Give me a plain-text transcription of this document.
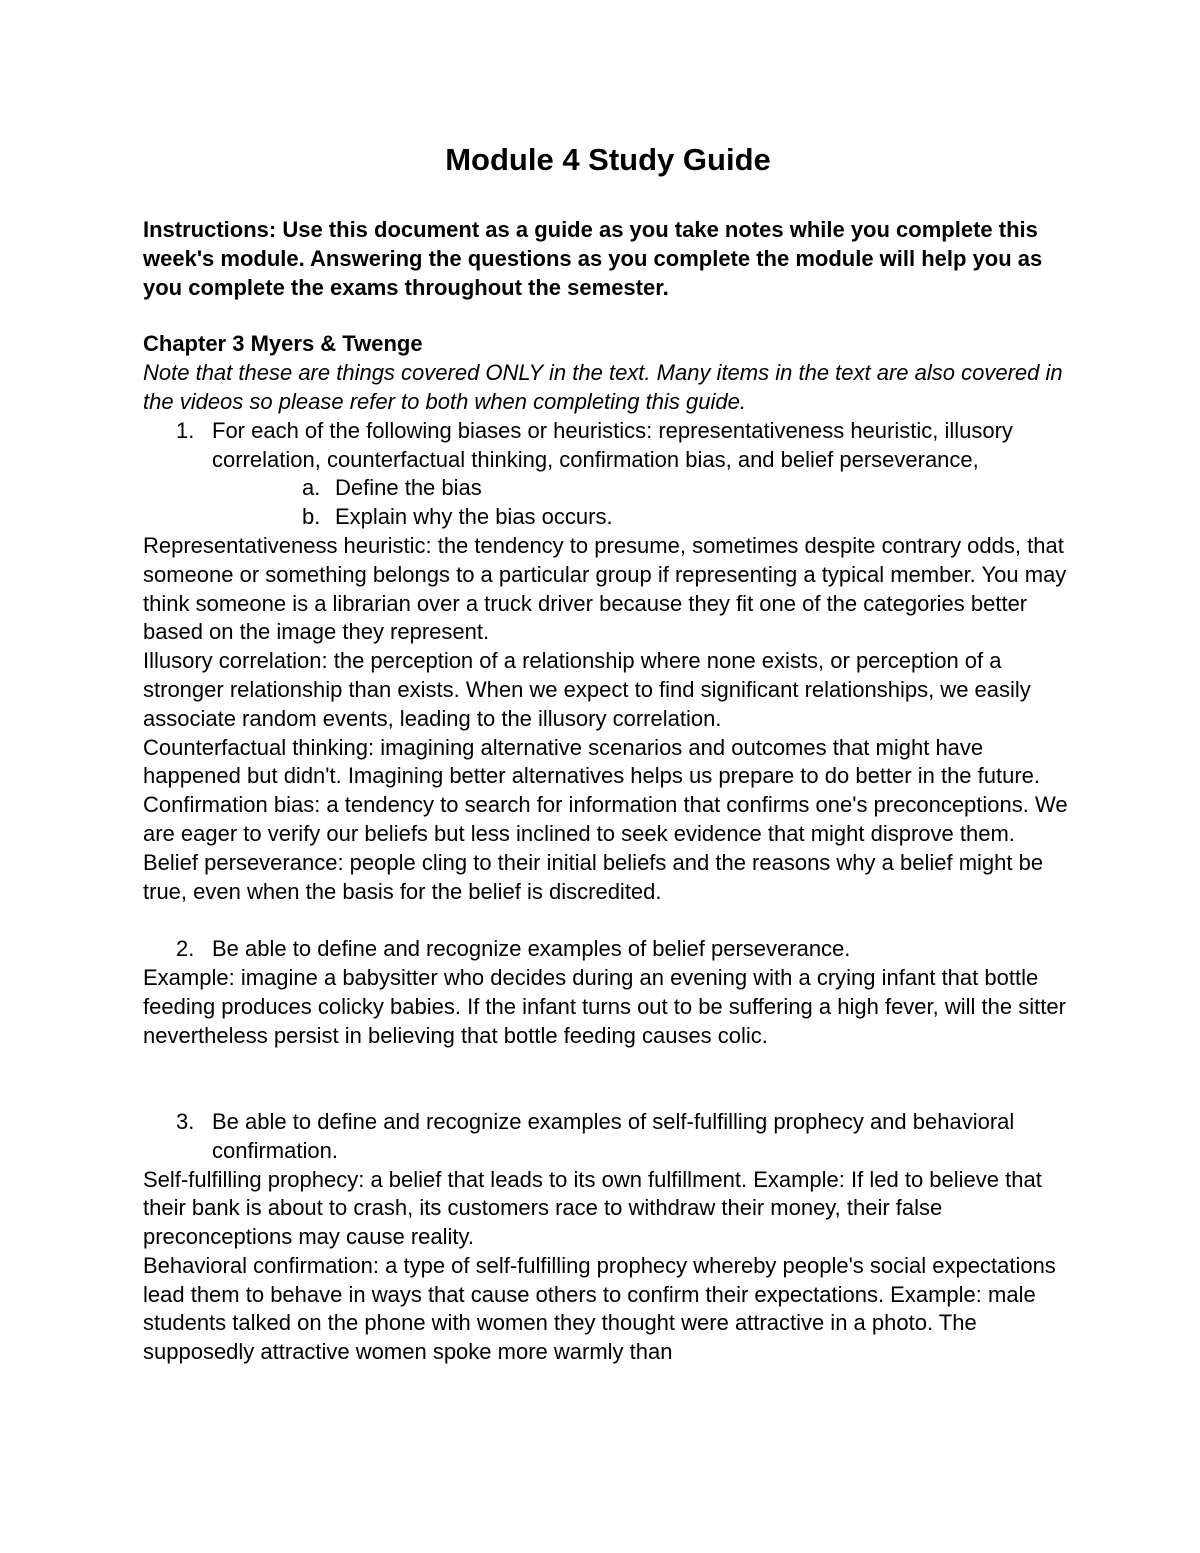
Module 4 Study Guide

Instructions: Use this document as a guide as you take notes while you complete this week's module. Answering the questions as you complete the module will help you as you complete the exams throughout the semester.

Chapter 3 Myers & Twenge

Note that these are things covered ONLY in the text. Many items in the text are also covered in the videos so please refer to both when completing this guide.

1. For each of the following biases or heuristics: representativeness heuristic, illusory correlation, counterfactual thinking, confirmation bias, and belief perseverance,
a. Define the bias
b. Explain why the bias occurs.

Representativeness heuristic: the tendency to presume, sometimes despite contrary odds, that someone or something belongs to a particular group if representing a typical member. You may think someone is a librarian over a truck driver because they fit one of the categories better based on the image they represent.

Illusory correlation: the perception of a relationship where none exists, or perception of a stronger relationship than exists. When we expect to find significant relationships, we easily associate random events, leading to the illusory correlation.

Counterfactual thinking: imagining alternative scenarios and outcomes that might have happened but didn't. Imagining better alternatives helps us prepare to do better in the future.

Confirmation bias: a tendency to search for information that confirms one's preconceptions. We are eager to verify our beliefs but less inclined to seek evidence that might disprove them.

Belief perseverance: people cling to their initial beliefs and the reasons why a belief might be true, even when the basis for the belief is discredited.

2. Be able to define and recognize examples of belief perseverance.

Example: imagine a babysitter who decides during an evening with a crying infant that bottle feeding produces colicky babies. If the infant turns out to be suffering a high fever, will the sitter nevertheless persist in believing that bottle feeding causes colic.

3. Be able to define and recognize examples of self-fulfilling prophecy and behavioral confirmation.

Self-fulfilling prophecy: a belief that leads to its own fulfillment. Example: If led to believe that their bank is about to crash, its customers race to withdraw their money, their false preconceptions may cause reality.

Behavioral confirmation: a type of self-fulfilling prophecy whereby people's social expectations lead them to behave in ways that cause others to confirm their expectations. Example: male students talked on the phone with women they thought were attractive in a photo. The supposedly attractive women spoke more warmly than
